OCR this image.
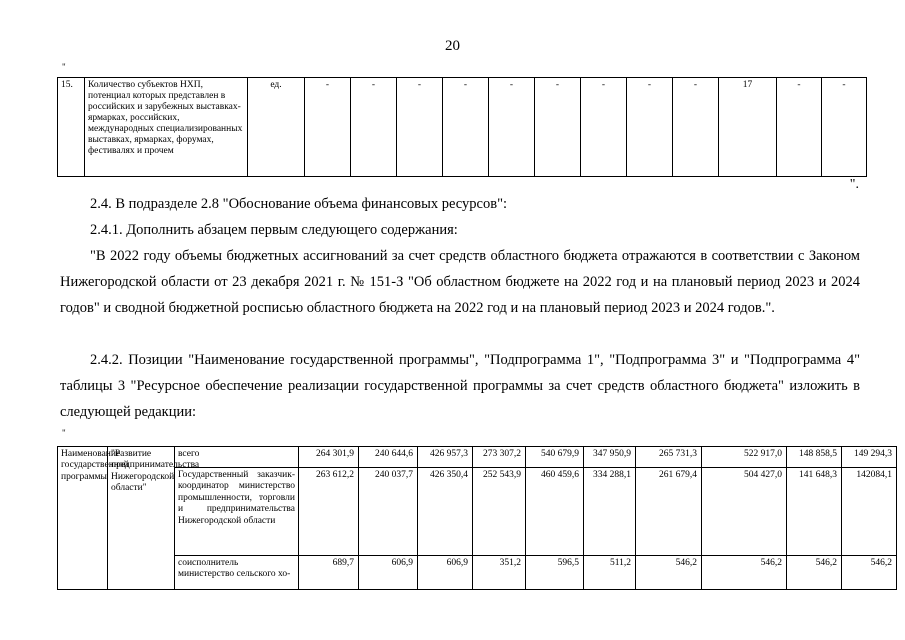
20
"
15.	Количество субъектов НХП, потенциал которых представлен в российских и зарубежных выставках-ярмарках, российских, международных специализированных выставках, ярмарках, форумах, фестивалях и прочем	ед.	-	-	-	-	-	-	-	-	-	17	-	-
".
2.4. В подразделе 2.8 "Обоснование объема финансовых ресурсов":
2.4.1. Дополнить абзацем первым следующего содержания:
"В 2022 году объемы бюджетных ассигнований за счет средств областного бюджета отражаются в соответствии с Законом Нижегородской области от 23 декабря 2021 г. № 151-З "Об областном бюджете на 2022 год и на плановый период 2023 и 2024 годов" и сводной бюджетной росписью областного бюджета на 2022 год и на плановый период 2023 и 2024 годов.".
2.4.2. Позиции "Наименование государственной программы", "Подпрограмма 1", "Подпрограмма 3" и "Подпрограмма 4" таблицы 3 "Ресурсное обеспечение реализации государственной программы за счет средств областного бюджета" изложить в следующей редакции:
"
Наименование государственной программы	"Развитие предпринимательства Нижегородской области"	всего	264 301,9	240 644,6	426 957,3	273 307,2	540 679,9	347 950,9	265 731,3	522 917,0	148 858,5	149 294,3
		Государственный заказчик-координатор министерство промышленности, торговли и предпринимательства Нижегородской области	263 612,2	240 037,7	426 350,4	252 543,9	460 459,6	334 288,1	261 679,4	504 427,0	141 648,3	142084,1
		соисполнитель министерство сельского хо-	689,7	606,9	606,9	351,2	596,5	511,2	546,2	546,2	546,2	546,2
